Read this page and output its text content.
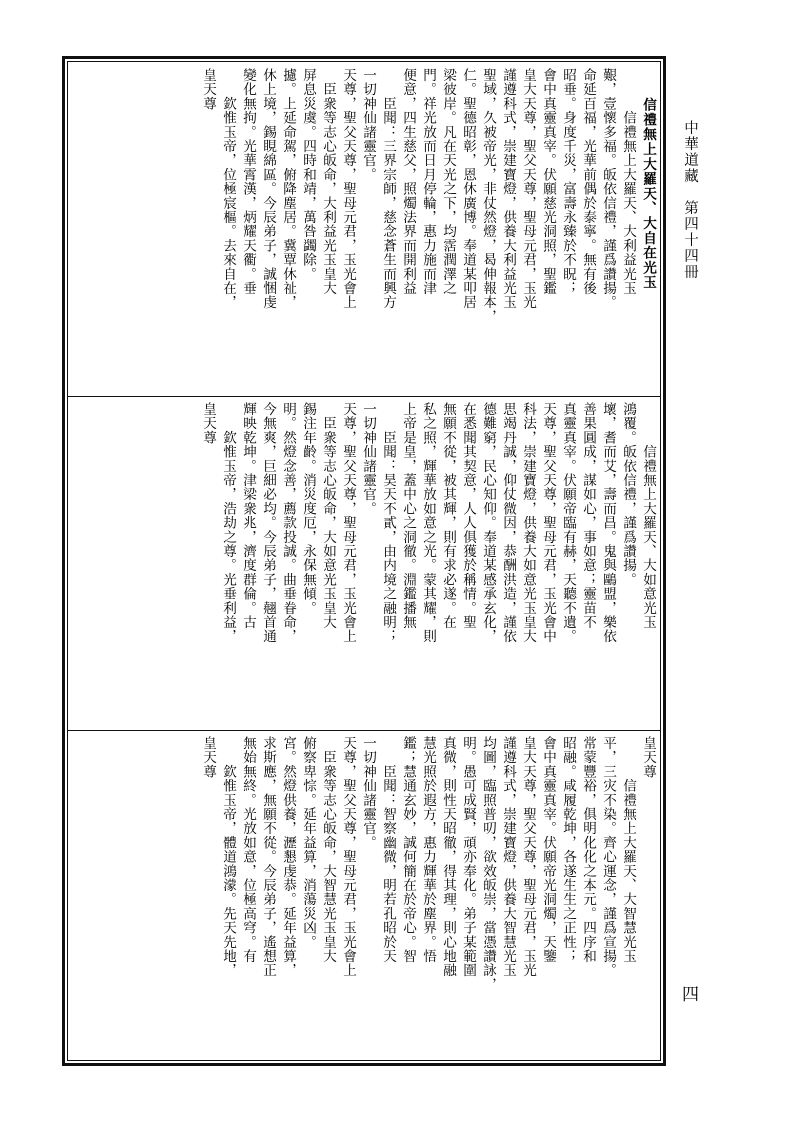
皇天尊 　　欽惟玉帝，位極宸樞。去來自在， 變化無拘。光華霄漢，炳耀天衢。垂 休上境，錫睍綿區。今辰弟子，誠悃虔 攄。上延命駕，俯降塵居。冀覃休祉， 屏息災虞。四時和靖，萬咎蠲除。 　臣衆等志心皈命，大利益光玉皇大 天尊，聖父天尊，聖母元君，玉光會上 一切神仙諸靈官。 　　臣聞：三界宗師，慈念蒼生而興方 便意，四生慈父，照燭法界而開利益 門。祥光放而日月停輪，惠力施而津 梁彼岸。凡在天光之下，均霑潤澤之 仁。聖德昭彰，恩休廣博。奉道某叩居 聖域，久被帝光，非仗然燈，曷伸報本， 謹遵科式，崇建寶燈，供養大利益光玉 皇大天尊，聖父天尊，聖母元君，玉光 會中真靈真宰。伏願慈光洞照，聖鑑 昭垂。身度千災，富壽永臻於不眖； 命延百福，光華前偶於泰寧。無有後 艱，壹懷多福。皈依信禮，謹爲讚揚。 　　　信禮無上大羅天、大利益光玉 　　信禮無上大羅天、大自在光玉
皇天尊 　　欽惟玉帝，浩劫之尊。光垂利益， 輝映乾坤。津梁衆兆，濟度群倫。古 今無爽，巨細必均。今辰弟子，翹首通 明。然燈念善，薦款投誠。曲垂眷命， 錫注年齡。消災度厄，永保無傾。 　臣衆等志心皈命，大如意光玉皇大 天尊，聖父天尊，聖母元君，玉光會上 一切神仙諸靈官。 　　臣聞：昊天不貳，由内境之融明； 上帝是皇，蓋中心之洞徹。淵鑑播無 私之照，輝華放如意之光。蒙其耀，則 無願不從，被其輝，則有求必遂。在 在悉聞其契意，人人俱獲於稱情。聖 德難窮，民心知仰。奉道某感承玄化， 思竭丹誠，仰仗微因，恭酬洪造，謹依 科法，崇建寶燈，供養大如意光玉皇大 天尊，聖父天尊，聖母元君，玉光會中 真靈真宰。伏願帝臨有赫，天聽不遺。 善果圓成，謀如心，事如意；靈苗不 壞，耆而艾，壽而昌。鬼與鷗盟，樂依 鴻覆。皈依信禮，謹爲讚揚。 　　　信禮無上大羅天、大如意光玉
皇天尊 　　欽惟玉帝，體道鴻濛。先天先地， 無始無終。光放如意，位極高穹。有 求斯應，無願不從。今辰弟子，遙想正 宮。然燈供養，瀝懇虔恭。延年益算， 俯察卑悰。延年益算，消蕩災凶。 　臣衆等志心皈命，大智慧光玉皇大 天尊，聖父天尊，聖母元君，玉光會上 一切神仙諸靈官。 　　臣聞：智察幽微，明若孔昭於天 鑑；慧通玄妙，誠何簡在於帝心。智 慧光照於遐方，惠力輝華於塵界。悟 真微，則性天昭徹，得其理，則心地融 明。愚可成賢，頑亦奉化。弟子某範圍 均圖，臨照普叨，欲效皈崇，當憑讚詠， 謹遵科式，崇建寶燈，供養大智慧光玉 皇大天尊，聖父天尊，聖母元君，玉光 會中真靈真宰。伏願帝光洞燭，天鑒 昭融。咸履乾坤，各遂生生之正性； 常蒙豐裕，俱明化化之本元。四序和 平，三灾不染。齊心運念，謹爲宣揚。 　　　信禮無上大羅天、大智慧光玉 皇天尊
中華道藏　第四十四冊
四
